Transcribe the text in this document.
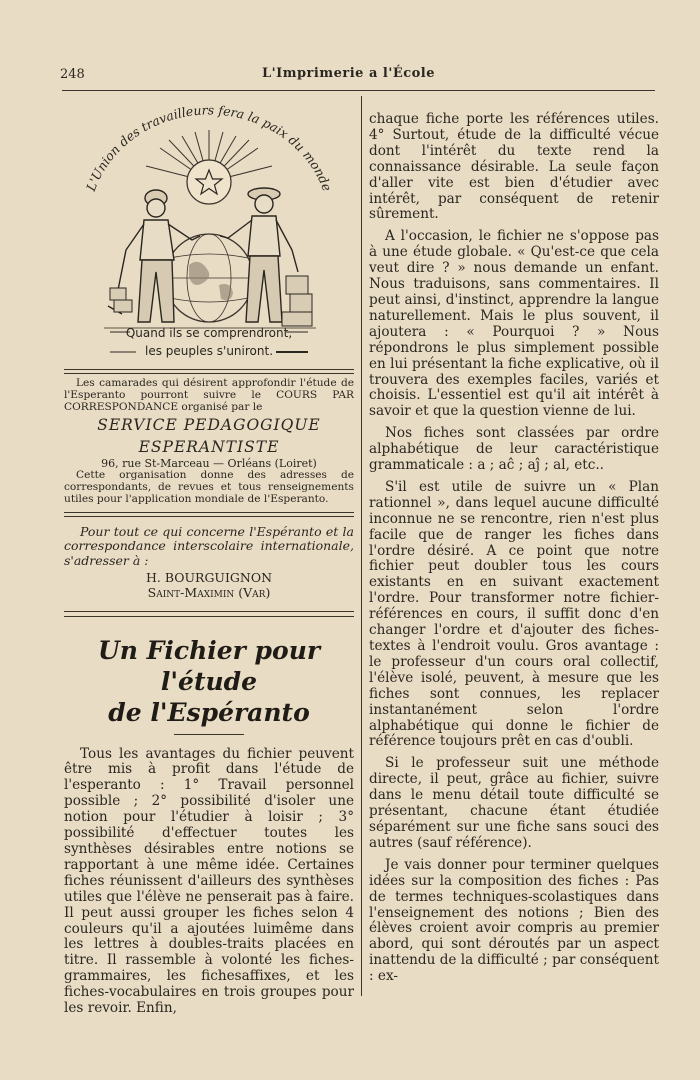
248	L'Imprimerie a l'École
L'Union des travailleurs fera la paix du monde
Quand ils se comprendront,
les peuples s'uniront.

Les camarades qui désirent approfondir l'étude de l'Esperanto pourront suivre le COURS PAR CORRESPONDANCE organisé par le

SERVICE PEDAGOGIQUE
ESPERANTISTE
96, rue St-Marceau — Orléans (Loiret)

Cette organisation donne des adresses de correspondants, de revues et tous renseignements utiles pour l'application mondiale de l'Esperanto.

Pour tout ce qui concerne l'Espéranto et la correspondance interscolaire internationale, s'adresser à :

H. BOURGUIGNON

Saint-Maximin (Var)

Un Fichier pour l'étude
de l'Espéranto

Tous les avantages du fichier peuvent être mis à profit dans l'étude de l'esperanto : 1° Travail personnel possible ; 2° possibilité d'isoler une notion pour l'étudier à loisir ; 3° possibilité d'effectuer toutes les synthèses désirables entre notions se rapportant à une même idée. Certaines fiches réunissent d'ailleurs des synthèses utiles que l'élève ne penserait pas à faire. Il peut aussi grouper les fiches selon 4 couleurs qu'il a ajoutées luimême dans les lettres à doubles-traits placées en titre. Il rassemble à volonté les fiches-grammaires, les fichesaffixes, et les fiches-vocabulaires en trois groupes pour les revoir. Enfin,

chaque fiche porte les références utiles. 4° Surtout, étude de la difficulté vécue dont l'intérêt du texte rend la connaissance désirable. La seule façon d'aller vite est bien d'étudier avec intérêt, par conséquent de retenir sûrement.

A l'occasion, le fichier ne s'oppose pas à une étude globale. « Qu'est-ce que cela veut dire ? » nous demande un enfant. Nous traduisons, sans commentaires. Il peut ainsi, d'instinct, apprendre la langue naturellement. Mais le plus souvent, il ajoutera : « Pourquoi ? » Nous répondrons le plus simplement possible en lui présentant la fiche explicative, où il trouvera des exemples faciles, variés et choisis. L'essentiel est qu'il ait intérêt à savoir et que la question vienne de lui.

Nos fiches sont classées par ordre alphabétique de leur caractéristique grammaticale : a ; aĉ ; aĵ ; al, etc..

S'il est utile de suivre un « Plan rationnel », dans lequel aucune difficulté inconnue ne se rencontre, rien n'est plus facile que de ranger les fiches dans l'ordre désiré. A ce point que notre fichier peut doubler tous les cours existants en en suivant exactement l'ordre. Pour transformer notre fichier-références en cours, il suffit donc d'en changer l'ordre et d'ajouter des fiches-textes à l'endroit voulu. Gros avantage : le professeur d'un cours oral collectif, l'élève isolé, peuvent, à mesure que les fiches sont connues, les replacer instantanément selon l'ordre alphabétique qui donne le fichier de référence toujours prêt en cas d'oubli.

Si le professeur suit une méthode directe, il peut, grâce au fichier, suivre dans le menu détail toute difficulté se présentant, chacune étant étudiée séparément sur une fiche sans souci des autres (sauf référence).

Je vais donner pour terminer quelques idées sur la composition des fiches : Pas de termes techniques-scolastiques dans l'enseignement des notions ; Bien des élèves croient avoir compris au premier abord, qui sont déroutés par un aspect inattendu de la difficulté ; par conséquent : ex-
